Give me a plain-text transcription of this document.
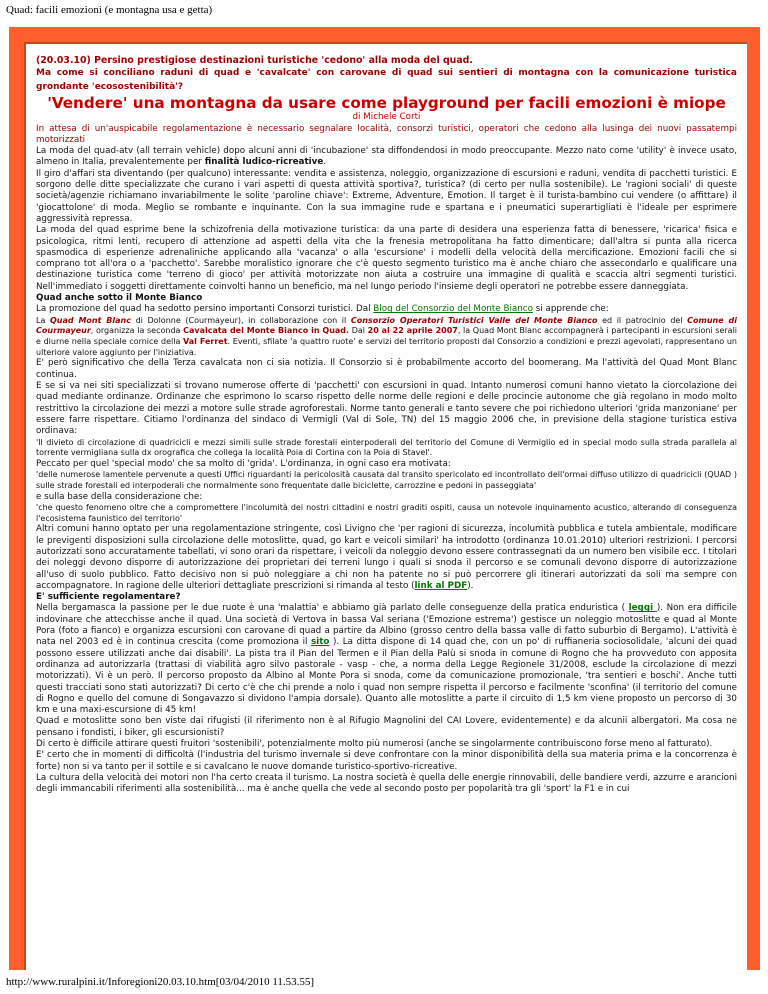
Quad: facili emozioni (e montagna usa e getta)

(20.03.10) Persino prestigiose destinazioni turistiche 'cedono' alla moda del quad.

Ma come si conciliano raduni di quad e 'cavalcate' con carovane di quad sui sentieri di montagna con la comunicazione turistica grondante 'ecosostenibilità'?

'Vendere' una montagna da usare come playground per facili emozioni è miope

di Michele Corti

In attesa di un'auspicabile regolamentazione è necessario segnalare località, consorzi turistici, operatori che cedono alla lusinga dei nuovi passatempi motorizzati

La moda del quad-atv (all terrain vehicle) dopo alcuni anni di 'incubazione' sta diffondendosi in modo preoccupante. Mezzo nato come 'utility' è invece usato, almeno in Italia, prevalentemente per finalità ludico-ricreative.

Il giro d'affari sta diventando (per qualcuno) interessante: vendita e assistenza, noleggio, organizzazione di escursioni e raduni, vendita di pacchetti turistici. E sorgono delle ditte specializzate che curano i vari aspetti di questa attività sportiva?, turistica? (di certo per nulla sostenibile). Le 'ragioni sociali' di queste società/agenzie richiamano invariabilmente le solite 'paroline chiave': Extreme, Adventure, Emotion. Il target è il turista-bambino cui vendere (o affittare) il 'giocattolone' di moda. Meglio se rombante e inquinante. Con la sua immagine rude e spartana e i pneumatici superartigliati è l'ideale per esprimere aggressività repressa.

La moda del quad esprime bene la schizofrenia della motivazione turistica: da una parte di desidera una esperienza fatta di benessere, 'ricarica' fisica e psicologica, ritmi lenti, recupero di attenzione ad aspetti della vita che la frenesia metropolitana ha fatto dimenticare; dall'altra si punta alla ricerca spasmodica di esperienze adrenaliniche applicando alla 'vacanza' o alla 'escursione' i modelli della velocità della mercificazione. Emozioni facili che si comprano tot all'ora o a 'pacchetto'. Sarebbe moralistico ignorare che c'è questo segmento turistico ma è anche chiaro che assecondarlo e qualificare una destinazione turistica come 'terreno di gioco' per attività motorizzate non aiuta a costruire una immagine di qualità e scaccia altri segmenti turistici. Nell'immediato i soggetti direttamente coinvolti hanno un beneficio, ma nel lungo periodo l'insieme degli operatori ne potrebbe essere danneggiata.

Quad anche sotto il Monte Bianco

La promozione del quad ha sedotto persino importanti Consorzi turistici. Dal Blog del Consorzio del Monte Bianco si apprende che:

La Quad Mont Blanc di Dolonne (Courmayeur), in collaborazione con il Consorzio Operatori Turistici Valle del Monte Bianco ed il patrocinio del Comune di Courmayeur, organizza la seconda Cavalcata del Monte Bianco in Quad. Dal 20 al 22 aprile 2007, la Quad Mont Blanc accompagnerà i partecipanti in escursioni serali e diurne nella speciale cornice della Val Ferret. Eventi, sfilate 'a quattro ruote' e servizi del territorio proposti dal Consorzio a condizioni e prezzi agevolati, rappresentano un ulteriore valore aggiunto per l'iniziativa.

E' però significativo che della Terza cavalcata non ci sia notizia. Il Consorzio si è probabilmente accorto del boomerang. Ma l'attività del Quad Mont Blanc continua.

E se si va nei siti specializzati si trovano numerose offerte di 'pacchetti' con escursioni in quad. Intanto numerosi comuni hanno vietato la ciorcolazione dei quad mediante ordinanze. Ordinanze che esprimono lo scarso rispetto delle norme delle regioni e delle procincie autonome che già regolano in modo molto restrittivo la circolazione dei mezzi a motore sulle strade agroforestali. Norme tanto generali e tanto severe che poi richiedono ulteriori 'grida manzoniane' per essere farre rispettare. Citiamo l'ordinanza del sindaco di Vermigli (Val di Sole, TN) del 15 maggio 2006 che, in previsione della stagione turistica estiva ordinava:

'Il divieto di circolazione di quadricicli e mezzi simili sulle strade forestali einterpoderali del territorio del Comune di Vermiglio ed in special modo sulla strada parallela al torrente vermigliana sulla dx orografica che collega la località Poia di Cortina con la Poia di Stavel'.

Peccato per quel 'special modo' che sa molto di 'grida'. L'ordinanza, in ogni caso era motivata:

'delle numerose lamentele pervenute a questi Uffici riguardanti la pericolosità causata dal transito spericolato ed incontrollato dell'ormai diffuso utilizzo di quadricicli (QUAD ) sulle strade forestali ed interpoderali che normalmente sono frequentate dalle biciclette, carrozzine e pedoni in passeggiata'

e sulla base della considerazione che:

'che questo fenomeno oltre che a compromettere l'incolumità dei nostri cittadini e nostri graditi ospiti, causa un notevole inquinamento acustico, alterando di conseguenza l'ecosistema faunistico del territorio'

Altri comuni hanno optato per una regolamentazione stringente, così Livigno che 'per ragioni di sicurezza, incolumità pubblica e tutela ambientale, modificare le previgenti disposizioni sulla circolazione delle motoslitte, quad, go kart e veicoli similari' ha introdotto (ordinanza 10.01.2010) ulteriori restrizioni. I percorsi autorizzati sono accuratamente tabellati, vi sono orari da rispettare, i veicoli da noleggio devono essere contrassegnati da un numero ben visibile ecc. I titolari dei noleggi devono disporre di autorizzazione dei proprietari dei terreni lungo i quali si snoda il percorso e se comunali devono disporre di autorizzazione all'uso di suolo pubblico. Fatto decisivo non si può noleggiare a chi non ha patente no si può percorrere gli itinerari autorizzati da soli ma sempre con accompagnatore. In ragione delle ulteriori dettagliate prescrizioni si rimanda al testo (link al PDF).

E' sufficiente regolamentare?

Nella bergamasca la passione per le due ruote è una 'malattia' e abbiamo già parlato delle conseguenze della pratica enduristica ( leggi ). Non era difficile indovinare che attecchisse anche il quad. Una società di Vertova in bassa Val seriana ('Emozione estrema') gestisce un noleggio motoslitte e quad al Monte Pora (foto a fianco) e organizza escursioni con carovane di quad a partire da Albino (grosso centro della bassa valle di fatto suburbio di Bergamo). L'attività è nata nel 2003 ed è in continua crescita (come promoziona il sito ). La ditta dispone di 14 quad che, con un po' di ruffianeria sociosolidale, 'alcuni dei quad possono essere utilizzati anche dai disabili'. La pista tra il Pian del Termen e il Pian della Palù si snoda in comune di Rogno che ha provveduto con apposita ordinanza ad autorizzarla (trattasi di viabilità agro silvo pastorale - vasp - che, a norma della Legge Regionele 31/2008, esclude la circolazione di mezzi motorizzati). Vi è un però. Il percorso proposto da Albino al Monte Pora si snoda, come da comunicazione promozionale, 'tra sentieri e boschi'. Anche tutti questi tracciati sono stati autorizzati? Di certo c'è che chi prende a nolo i quad non sempre rispetta il percorso e facilmente 'sconfina' (il territorio del comune di Rogno e quello del comune di Songavazzo si dividono l'ampia dorsale). Quanto alle motoslitte a parte il circuito di 1,5 km viene proposto un percorso di 30 km e una maxi-escursione di 45 km!

Quad e motoslitte sono ben viste dai rifugisti (il riferimento non è al Rifugio Magnolini del CAI Lovere, evidentemente) e da alcunii albergatori. Ma cosa ne pensano i fondisti, i biker, gli escursionisti?

Di certo è difficile attirare questi fruitori 'sostenibili', potenzialmente molto più numerosi (anche se singolarmente contribuiscono forse meno al fatturato).

E' certo che in momenti di difficoltà (l'industria del turismo invernale si deve confrontare con la minor disponibilità della sua materia prima e la concorrenza è forte) non si va tanto per il sottile e si cavalcano le nuove domande turistico-sportivo-ricreative.

La cultura della velocità dei motori non l'ha certo creata il turismo. La nostra società è quella delle energie rinnovabili, delle bandiere verdi, azzurre e arancioni degli immancabili riferimenti alla sostenibilità... ma è anche quella che vede al secondo posto per popolarità tra gli 'sport' la F1 e in cui

http://www.ruralpini.it/Inforegioni20.03.10.htm[03/04/2010 11.53.55]
